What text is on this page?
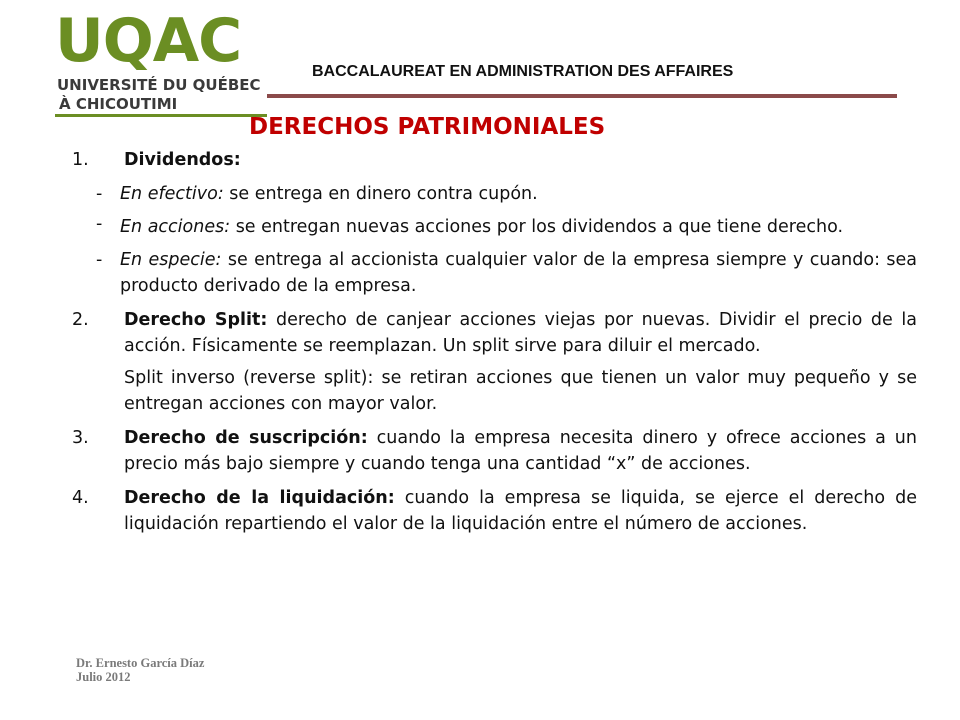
UQAC
UNIVERSITÉ DU QUÉBEC
À CHICOUTIMI
BACCALAUREAT EN ADMINISTRATION DES AFFAIRES
DERECHOS PATRIMONIALES
1.	Dividendos:
-	En efectivo: se entrega en dinero contra cupón.
-	En acciones: se entregan nuevas acciones por los dividendos a que tiene derecho.
-	En especie: se entrega al accionista cualquier valor de la empresa siempre y cuando: sea producto derivado de la empresa.
2.	Derecho Split: derecho de canjear acciones viejas por nuevas. Dividir el precio de la acción. Físicamente se reemplazan. Un split sirve para diluir el mercado.
Split inverso (reverse split): se retiran acciones que tienen un valor muy pequeño y se entregan acciones con mayor valor.
3.	Derecho de suscripción: cuando la empresa necesita dinero y ofrece acciones a un precio más bajo siempre y cuando tenga una cantidad “x” de acciones.
4.	Derecho de la liquidación: cuando la empresa se liquida, se ejerce el derecho de liquidación repartiendo el valor de la liquidación entre el número de acciones.
Dr. Ernesto García Díaz
Julio 2012
